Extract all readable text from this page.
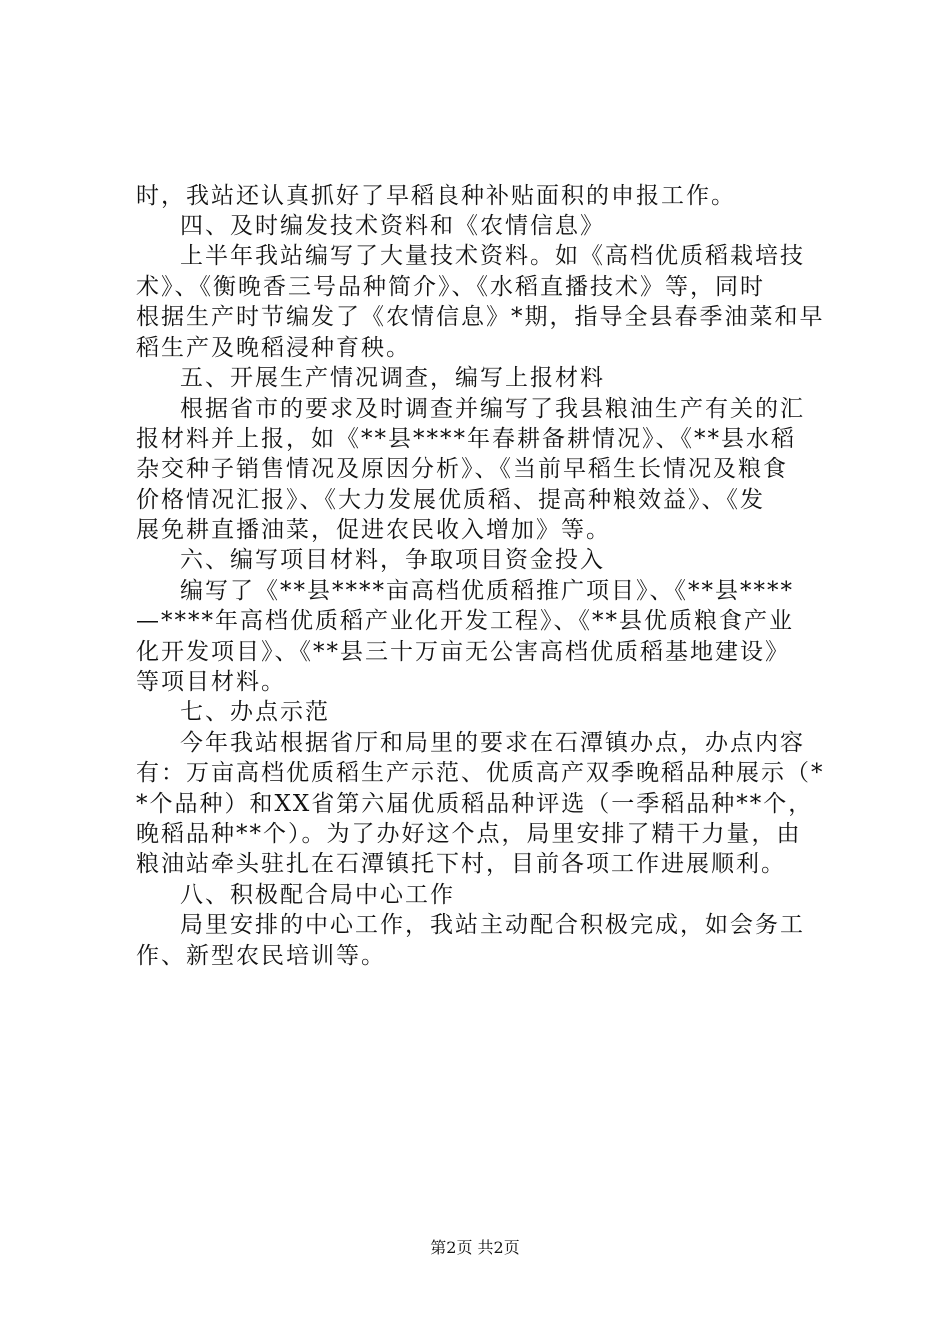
时，我站还认真抓好了早稻良种补贴面积的申报工作。
四、及时编发技术资料和《农情信息》
上半年我站编写了大量技术资料。如《高档优质稻栽培技
术》、《衡晚香三号品种简介》、《水稻直播技术》等，同时
根据生产时节编发了《农情信息》*期，指导全县春季油菜和早
稻生产及晚稻浸种育秧。
五、开展生产情况调查，编写上报材料
根据省市的要求及时调查并编写了我县粮油生产有关的汇
报材料并上报，如《**县****年春耕备耕情况》、《**县水稻
杂交种子销售情况及原因分析》、《当前早稻生长情况及粮食
价格情况汇报》、《大力发展优质稻、提高种粮效益》、《发
展免耕直播油菜，促进农民收入增加》等。
六、编写项目材料，争取项目资金投入
编写了《**县****亩高档优质稻推广项目》、《**县****
—****年高档优质稻产业化开发工程》、《**县优质粮食产业
化开发项目》、《**县三十万亩无公害高档优质稻基地建设》
等项目材料。
七、办点示范
今年我站根据省厅和局里的要求在石潭镇办点，办点内容
有：万亩高档优质稻生产示范、优质高产双季晚稻品种展示（*
*个品种）和XX省第六届优质稻品种评选（一季稻品种**个，
晚稻品种**个）。为了办好这个点，局里安排了精干力量，由
粮油站牵头驻扎在石潭镇托下村，目前各项工作进展顺利。
八、积极配合局中心工作
局里安排的中心工作，我站主动配合积极完成，如会务工
作、新型农民培训等。
第2页 共2页
